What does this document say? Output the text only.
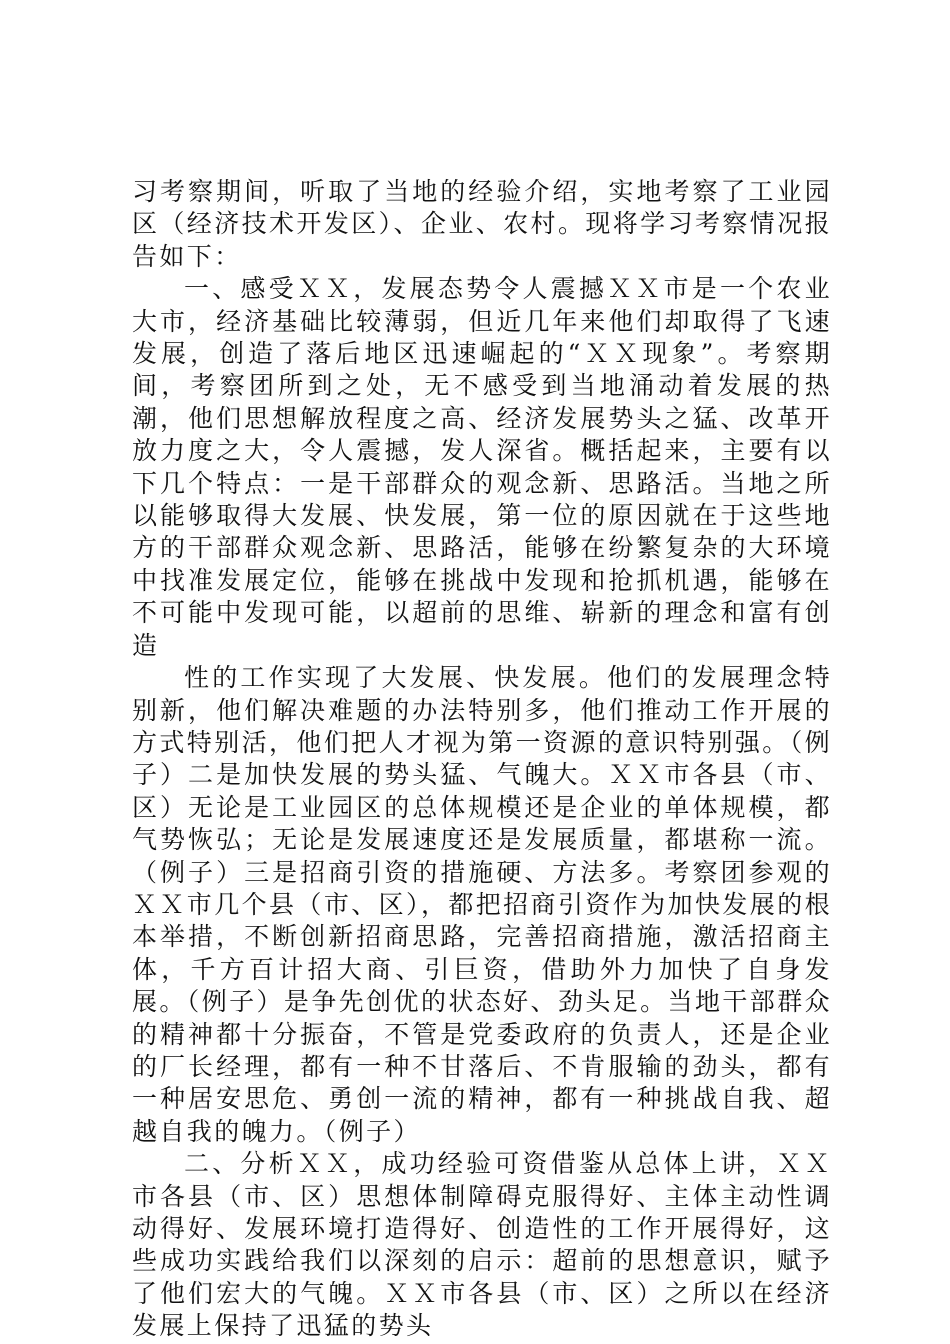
习考察期间，听取了当地的经验介绍，实地考察了工业园区（经济技术开发区）、企业、农村。现将学习考察情况报告如下：

一、感受ＸＸ，发展态势令人震撼ＸＸ市是一个农业大市，经济基础比较薄弱，但近几年来他们却取得了飞速发展，创造了落后地区迅速崛起的“ＸＸ现象”。考察期间，考察团所到之处，无不感受到当地涌动着发展的热潮，他们思想解放程度之高、经济发展势头之猛、改革开放力度之大，令人震撼，发人深省。概括起来，主要有以下几个特点：一是干部群众的观念新、思路活。当地之所以能够取得大发展、快发展，第一位的原因就在于这些地方的干部群众观念新、思路活，能够在纷繁复杂的大环境中找准发展定位，能够在挑战中发现和抢抓机遇，能够在不可能中发现可能，以超前的思维、崭新的理念和富有创造

性的工作实现了大发展、快发展。他们的发展理念特别新，他们解决难题的办法特别多，他们推动工作开展的方式特别活，他们把人才视为第一资源的意识特别强。（例子）二是加快发展的势头猛、气魄大。ＸＸ市各县（市、区）无论是工业园区的总体规模还是企业的单体规模，都气势恢弘；无论是发展速度还是发展质量，都堪称一流。（例子）三是招商引资的措施硬、方法多。考察团参观的ＸＸ市几个县（市、区），都把招商引资作为加快发展的根本举措，不断创新招商思路，完善招商措施，激活招商主体，千方百计招大商、引巨资，借助外力加快了自身发展。（例子）是争先创优的状态好、劲头足。当地干部群众的精神都十分振奋，不管是党委政府的负责人，还是企业的厂长经理，都有一种不甘落后、不肯服输的劲头，都有一种居安思危、勇创一流的精神，都有一种挑战自我、超越自我的魄力。（例子）

二、分析ＸＸ，成功经验可资借鉴从总体上讲，ＸＸ市各县（市、区）思想体制障碍克服得好、主体主动性调动得好、发展环境打造得好、创造性的工作开展得好，这些成功实践给我们以深刻的启示：超前的思想意识，赋予了他们宏大的气魄。ＸＸ市各县（市、区）之所以在经济发展上保持了迅猛的势头
